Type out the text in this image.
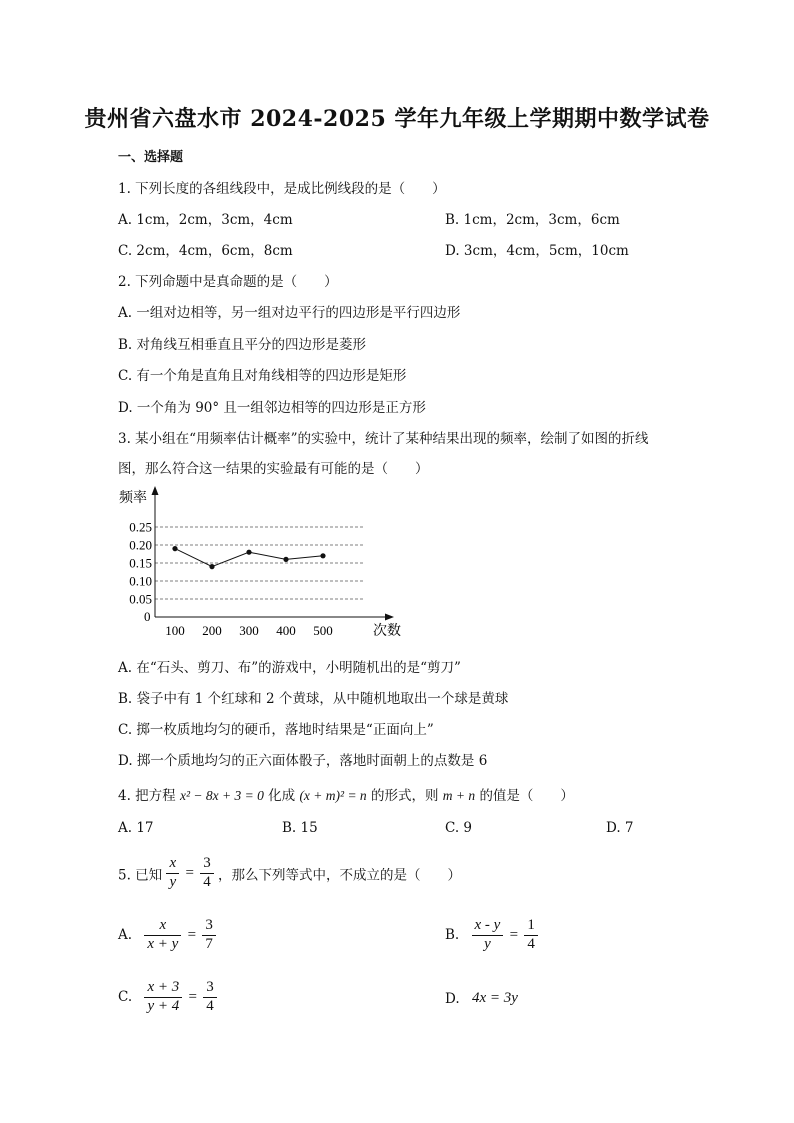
贵州省六盘水市 2024-2025 学年九年级上学期期中数学试卷
一、选择题
1. 下列长度的各组线段中，是成比例线段的是（　　）
A. 1cm，2cm，3cm，4cm	B. 1cm，2cm，3cm，6cm
C. 2cm，4cm，6cm，8cm	D. 3cm，4cm，5cm，10cm
2. 下列命题中是真命题的是（　　）
A. 一组对边相等，另一组对边平行的四边形是平行四边形
B. 对角线互相垂直且平分的四边形是菱形
C. 有一个角是直角且对角线相等的四边形是矩形
D. 一个角为 90° 且一组邻边相等的四边形是正方形
3. 某小组在“用频率估计概率”的实验中，统计了某种结果出现的频率，绘制了如图的折线
图，那么符合这一结果的实验最有可能的是（　　）
频率
次数
0
0.05
0.10
0.15
0.20
0.25
100 200 300 400 500
A. 在“石头、剪刀、布”的游戏中，小明随机出的是“剪刀”
B. 袋子中有 1 个红球和 2 个黄球，从中随机地取出一个球是黄球
C. 掷一枚质地均匀的硬币，落地时结果是“正面向上”
D. 掷一个质地均匀的正六面体骰子，落地时面朝上的点数是 6
4. 把方程 x² − 8x + 3 = 0 化成 (x + m)² = n 的形式，则 m + n 的值是（　　）
A. 17	B. 15	C. 9	D. 7
5. 已知 $\frac{x}{y} = \frac{3}{4}$ ，那么下列等式中，不成立的是（　　）
A. $\frac{x}{x + y} = \frac{3}{7}$	B. $\frac{x - y}{y} = \frac{1}{4}$
C. $\frac{x + 3}{y + 4} = \frac{3}{4}$	D. 4x = 3y
